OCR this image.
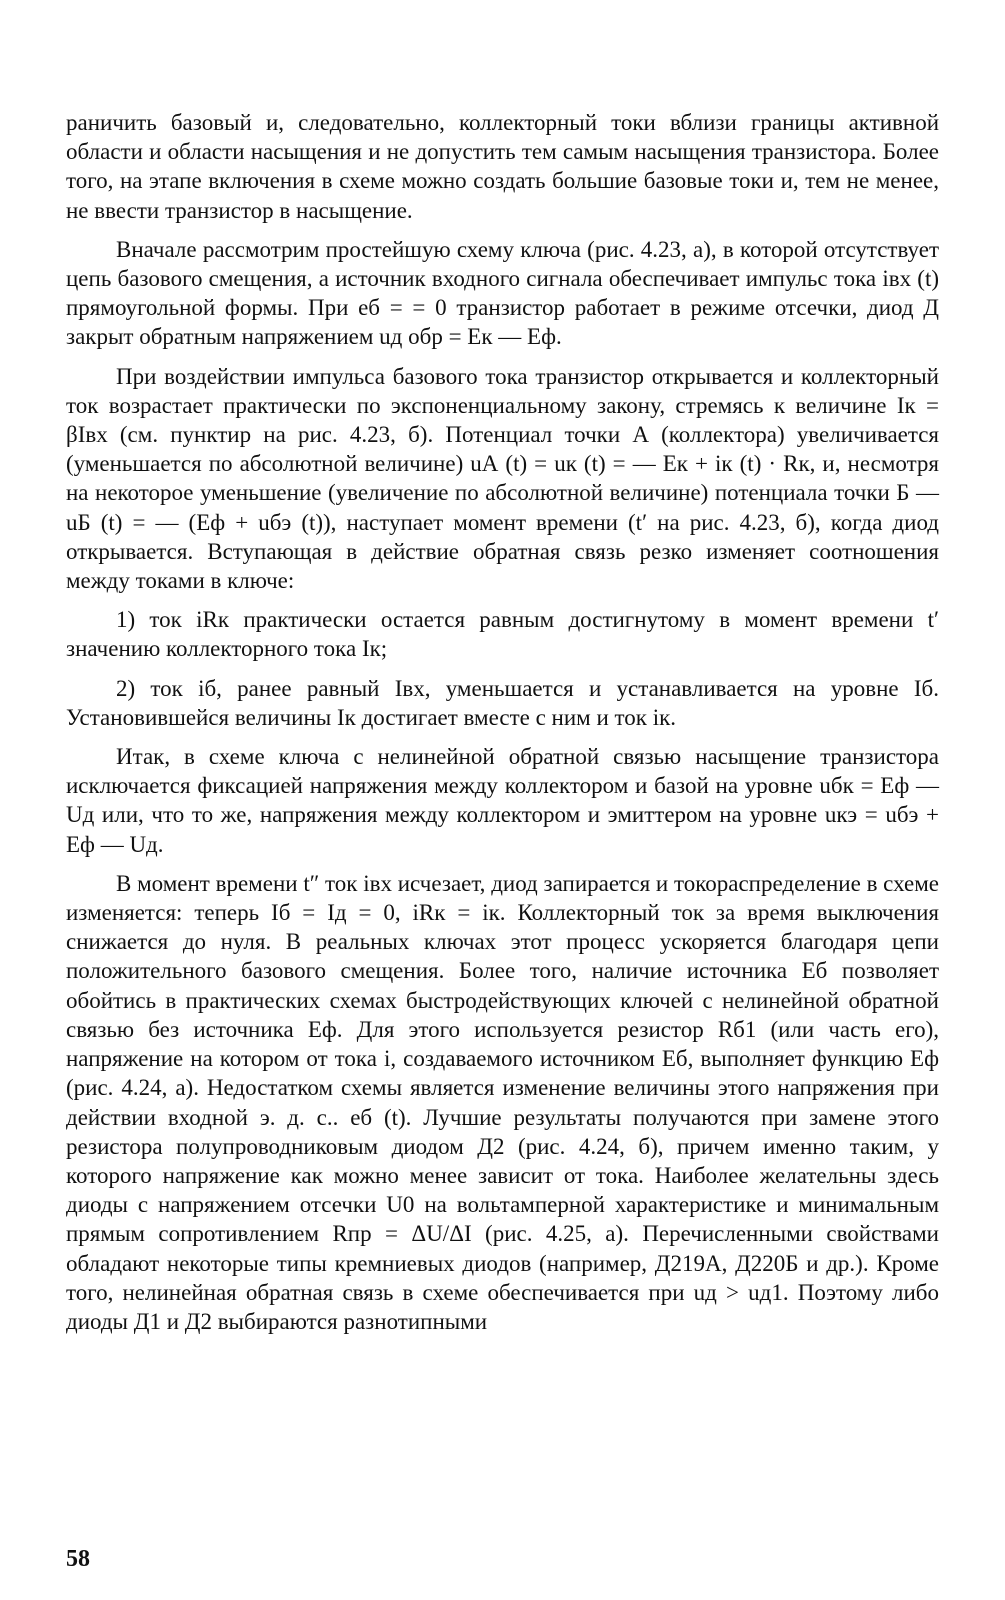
раничить базовый и, следовательно, коллекторный токи вблизи границы активной области и области насыщения и не допустить тем самым насыщения транзистора. Более того, на этапе включения в схеме можно создать большие базовые токи и, тем не менее, не ввести транзистор в насыщение.

Вначале рассмотрим простейшую схему ключа (рис. 4.23, а), в которой отсутствует цепь базового смещения, а источник входного сигнала обеспечивает импульс тока iвх (t) прямоугольной формы. При eб = = 0 транзистор работает в режиме отсечки, диод Д закрыт обратным напряжением uд обр = Eк — Eф.

При воздействии импульса базового тока транзистор открывается и коллекторный ток возрастает практически по экспоненциальному закону, стремясь к величине Iк = βIвх (см. пунктир на рис. 4.23, б). Потенциал точки А (коллектора) увеличивается (уменьшается по абсолютной величине) uА (t) = uк (t) = — Eк + iк (t) · Rк, и, несмотря на некоторое уменьшение (увеличение по абсолютной величине) потенциала точки Б — uБ (t) = — (Eф + uбэ (t)), наступает момент времени (t′ на рис. 4.23, б), когда диод открывается. Вступающая в действие обратная связь резко изменяет соотношения между токами в ключе:

1) ток iRк практически остается равным достигнутому в момент времени t′ значению коллекторного тока Iк;

2) ток iб, ранее равный Iвх, уменьшается и устанавливается на уровне Iб. Установившейся величины Iк достигает вместе с ним и ток iк.

Итак, в схеме ключа с нелинейной обратной связью насыщение транзистора исключается фиксацией напряжения между коллектором и базой на уровне uбк = Eф — Uд или, что то же, напряжения между коллектором и эмиттером на уровне uкэ = uбэ + Eф — Uд.

В момент времени t″ ток iвх исчезает, диод запирается и токораспределение в схеме изменяется: теперь Iб = Iд = 0, iRк = iк. Коллекторный ток за время выключения снижается до нуля. В реальных ключах этот процесс ускоряется благодаря цепи положительного базового смещения. Более того, наличие источника Eб позволяет обойтись в практических схемах быстродействующих ключей с нелинейной обратной связью без источника Eф. Для этого используется резистор Rб1 (или часть его), напряжение на котором от тока i, создаваемого источником Eб, выполняет функцию Eф (рис. 4.24, а). Недостатком схемы является изменение величины этого напряжения при действии входной э. д. с.. eб (t). Лучшие результаты получаются при замене этого резистора полупроводниковым диодом Д2 (рис. 4.24, б), причем именно таким, у которого напряжение как можно менее зависит от тока. Наиболее желательны здесь диоды с напряжением отсечки U0 на вольтамперной характеристике и минимальным прямым сопротивлением Rпр = ΔU/ΔI (рис. 4.25, а). Перечисленными свойствами обладают некоторые типы кремниевых диодов (например, Д219А, Д220Б и др.). Кроме того, нелинейная обратная связь в схеме обеспечивается при uд > uд1. Поэтому либо диоды Д1 и Д2 выбираются разнотипными

58
